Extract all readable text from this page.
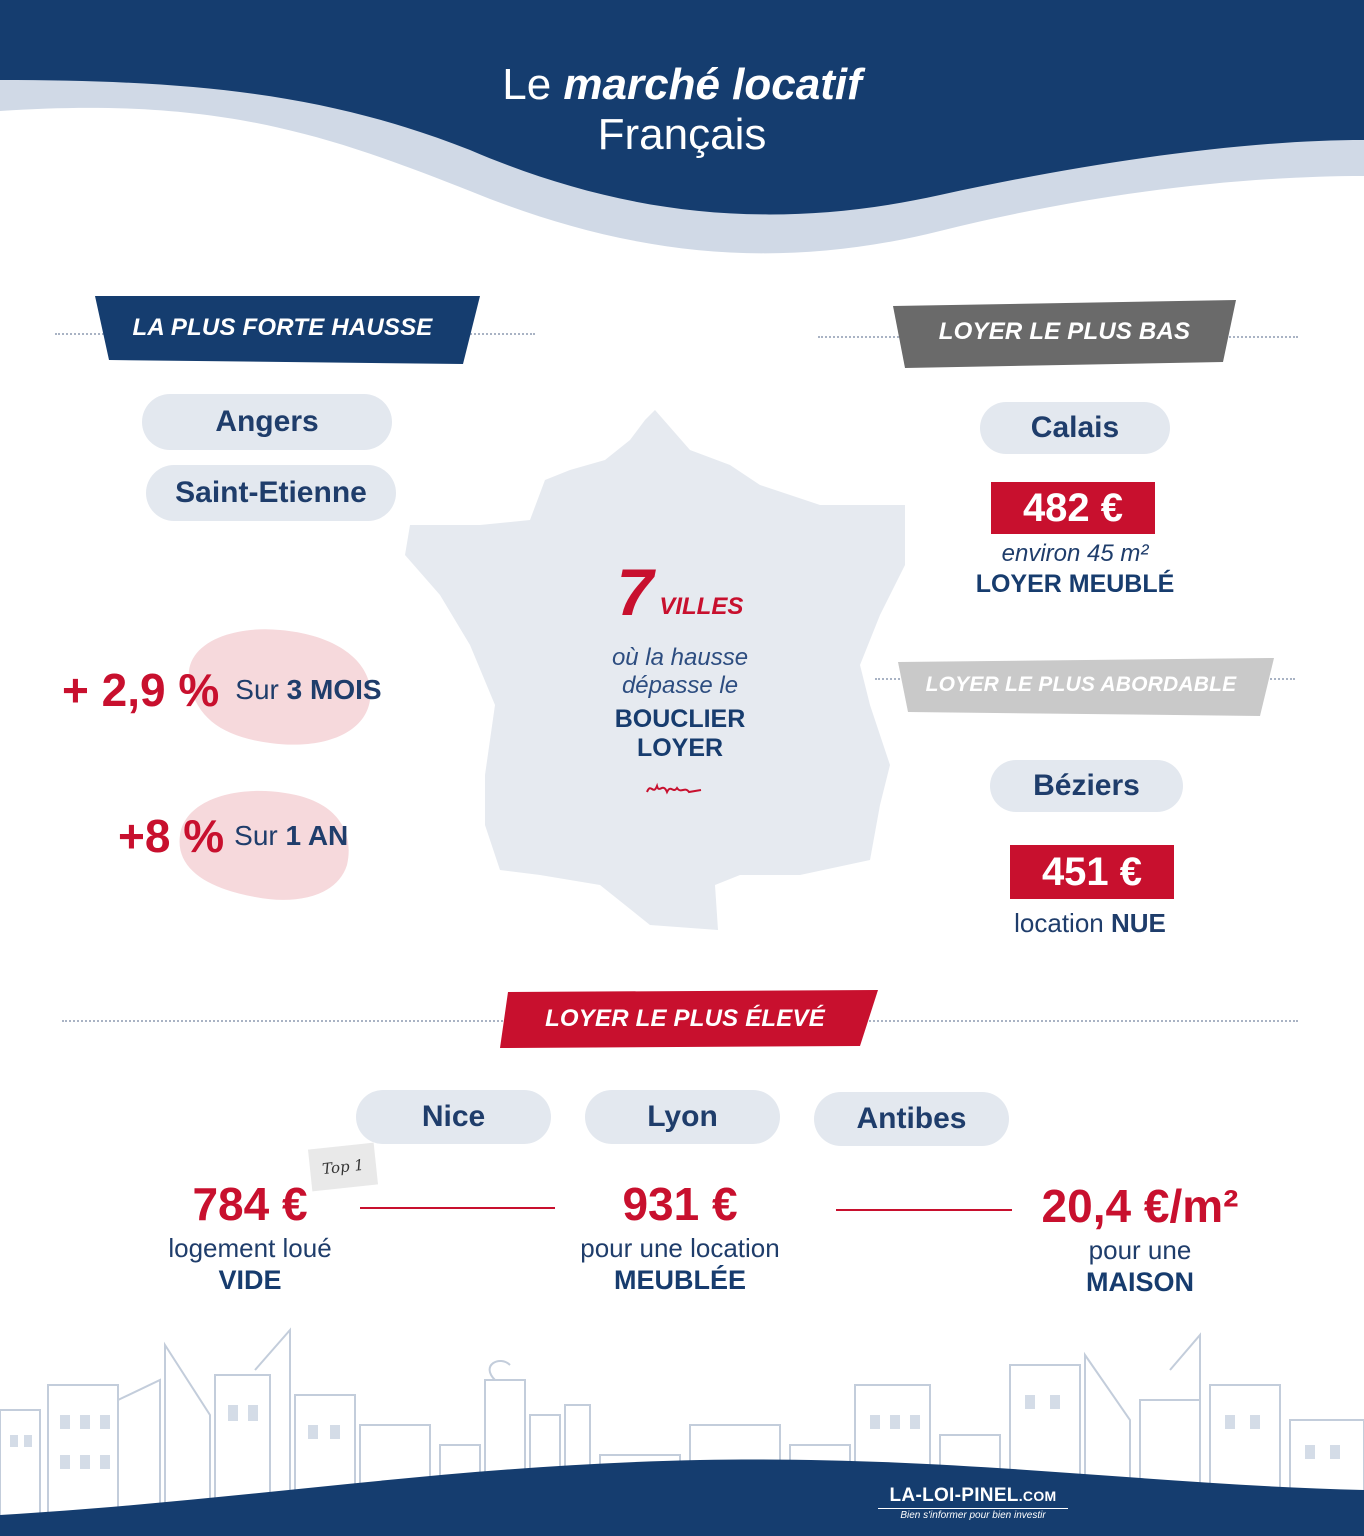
Le marché locatif
Français
LA PLUS FORTE HAUSSE
Angers
Saint-Etienne
+ 2,9 % Sur 3 MOIS
+8 % Sur 1 AN
7 VILLES
où la hausse
dépasse le
BOUCLIER
LOYER
LOYER LE PLUS BAS
Calais
482 €
environ 45 m²
LOYER MEUBLÉ
LOYER LE PLUS ABORDABLE
Béziers
451 €
location NUE
LOYER LE PLUS ÉLEVÉ
Nice	Lyon	Antibes
Top 1
784 €
logement loué
VIDE
931 €
pour une location
MEUBLÉE
20,4 €/m²
pour une
MAISON
LA-LOI-PINEL.COM
Bien s'informer pour bien investir
